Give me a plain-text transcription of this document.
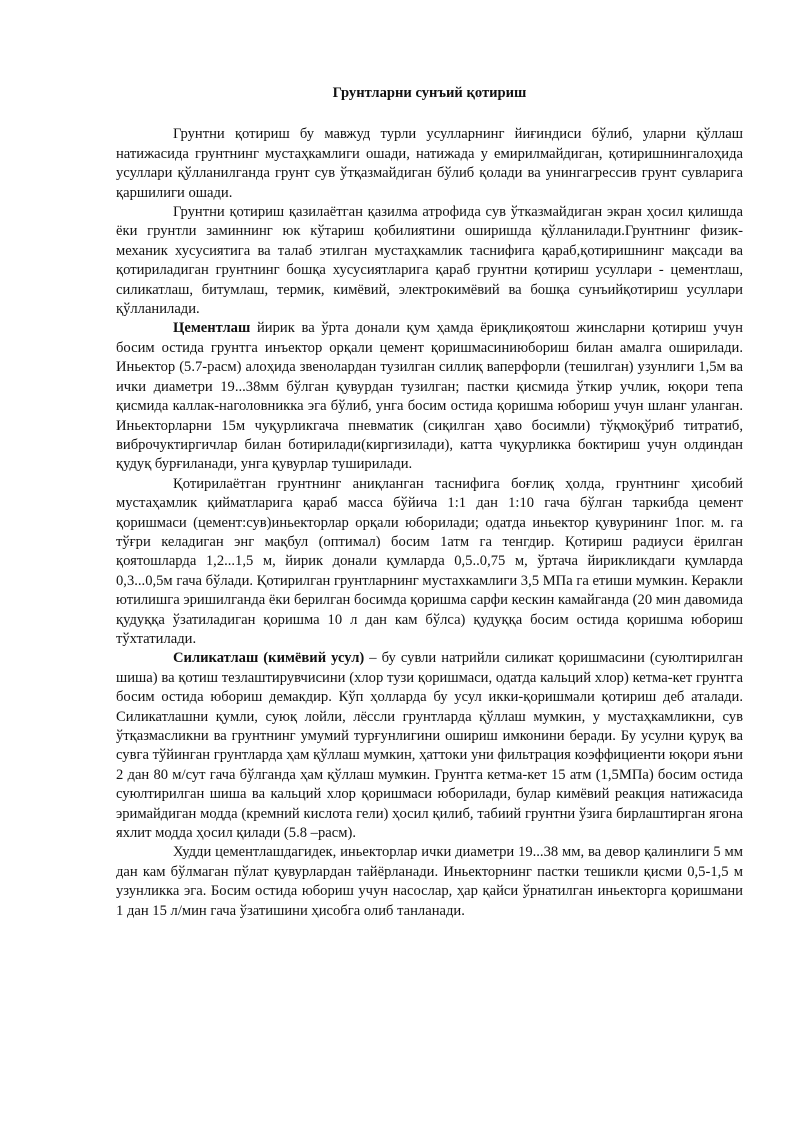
Грунтларни сунъий қотириш

Грунтни қотириш бу мавжуд турли усулларнинг йиғиндиси бўлиб, уларни қўллаш натижасида грунтнинг мустаҳкамлиги ошади, натижада у емирилмайдиган, қотиришнингалоҳида усуллари қўлланилганда грунт сув ўтқазмайдиган бўлиб қолади ва унингагрессив грунт сувларига қаршилиги ошади.

Грунтни қотириш қазилаётган қазилма атрофида сув ўтказмайдиган экран ҳосил қилишда ёки грунтли заминнинг юк кўтариш қобилиятини оширишда қўлланилади.Грунтнинг физик-механик хусусиятига ва талаб этилган мустаҳкамлик таснифига қараб,қотиришнинг мақсади ва қотириладиган грунтнинг бошқа хусусиятларига қараб грунтни қотириш усуллари - цементлаш, силикатлаш, битумлаш, термик, кимёвий, электрокимёвий ва бошқа сунъийқотириш усуллари қўлланилади.

Цементлаш йирик ва ўрта донали қум ҳамда ёриқлиқоятош жинсларни қотириш учун босим остида грунтга инъектор орқали цемент қоришмасиниюбориш билан амалга оширилади. Иньектор (5.7-расм) алоҳида звенолардан тузилган силлиқ ваперфорли (тешилган) узунлиги 1,5м ва ички диаметри 19...38мм бўлган қувурдан тузилган; пастки қисмида ўткир учлик, юқори тепа қисмида каллак-наголовникка эга бўлиб, унга босим остида қоришма юбориш учун шланг уланган. Иньекторларни 15м чуқурликгача пневматик (сиқилган ҳаво босимли) тўқмоқўриб титратиб, виброчуктиргичлар билан ботирилади(киргизилади), катта чуқурликка боктириш учун олдиндан қудуқ бурғиланади, унга қувурлар туширилади.

Қотирилаётган грунтнинг аниқланган таснифига боғлиқ ҳолда, грунтнинг ҳисобий мустаҳамлик қийматларига қараб масса бўйича 1:1 дан 1:10 гача бўлган таркибда цемент қоришмаси (цемент:сув)иньекторлар орқали юборилади; одатда иньектор қувурининг 1пог. м. га тўғри келадиган энг мақбул (оптимал) босим 1атм га тенгдир. Қотириш радиуси ёрилган қоятошларда 1,2...1,5 м, йирик донали қумларда 0,5..0,75 м, ўртача йирикликдаги қумларда 0,3...0,5м гача бўлади. Қотирилган грунтларнинг мустахкамлиги 3,5 МПа га етиши мумкин. Керакли ютилишга эришилганда ёки берилган босимда қоришма сарфи кескин камайганда (20 мин давомида қудуққа ўзатиладиган қоришма 10 л дан кам бўлса) қудуққа босим остида қоришма юбориш тўхтатилади.

Силикатлаш (кимёвий усул) – бу сувли натрийли силикат қоришмасини (суюлтирилган шиша) ва қотиш тезлаштирувчисини (хлор тузи қоришмаси, одатда кальций хлор) кетма-кет грунтга босим остида юбориш демакдир. Кўп ҳолларда бу усул икки-қоришмали қотириш деб аталади. Силикатлашни қумли, суюқ лойли, лёссли грунтларда қўллаш мумкин, у мустаҳкамликни, сув ўтқазмасликни ва грунтнинг умумий турғунлигини ошириш имконини беради. Бу усулни қуруқ ва сувга тўйинган грунтларда ҳам қўллаш мумкин, ҳаттоки уни фильтрация коэффициенти юқори яъни 2 дан 80 м/сут гача бўлганда ҳам қўллаш мумкин. Грунтга кетма-кет 15 атм (1,5МПа) босим остида суюлтирилган шиша ва кальций хлор қоришмаси юборилади, булар кимёвий реакция натижасида эримайдиган модда (кремний кислота гели) ҳосил қилиб, табиий грунтни ўзига бирлаштирган ягона яхлит модда ҳосил қилади (5.8 –расм).

Худди цементлашдагидек, иньекторлар ички диаметри 19...38 мм, ва девор қалинлиги 5 мм дан кам бўлмаган пўлат қувурлардан тайёрланади. Иньекторнинг пастки тешикли қисми 0,5-1,5 м узунликка эга. Босим остида юбориш учун насослар, ҳар қайси ўрнатилган иньекторга қоришмани 1 дан 15 л/мин гача ўзатишини ҳисобга олиб танланади.
